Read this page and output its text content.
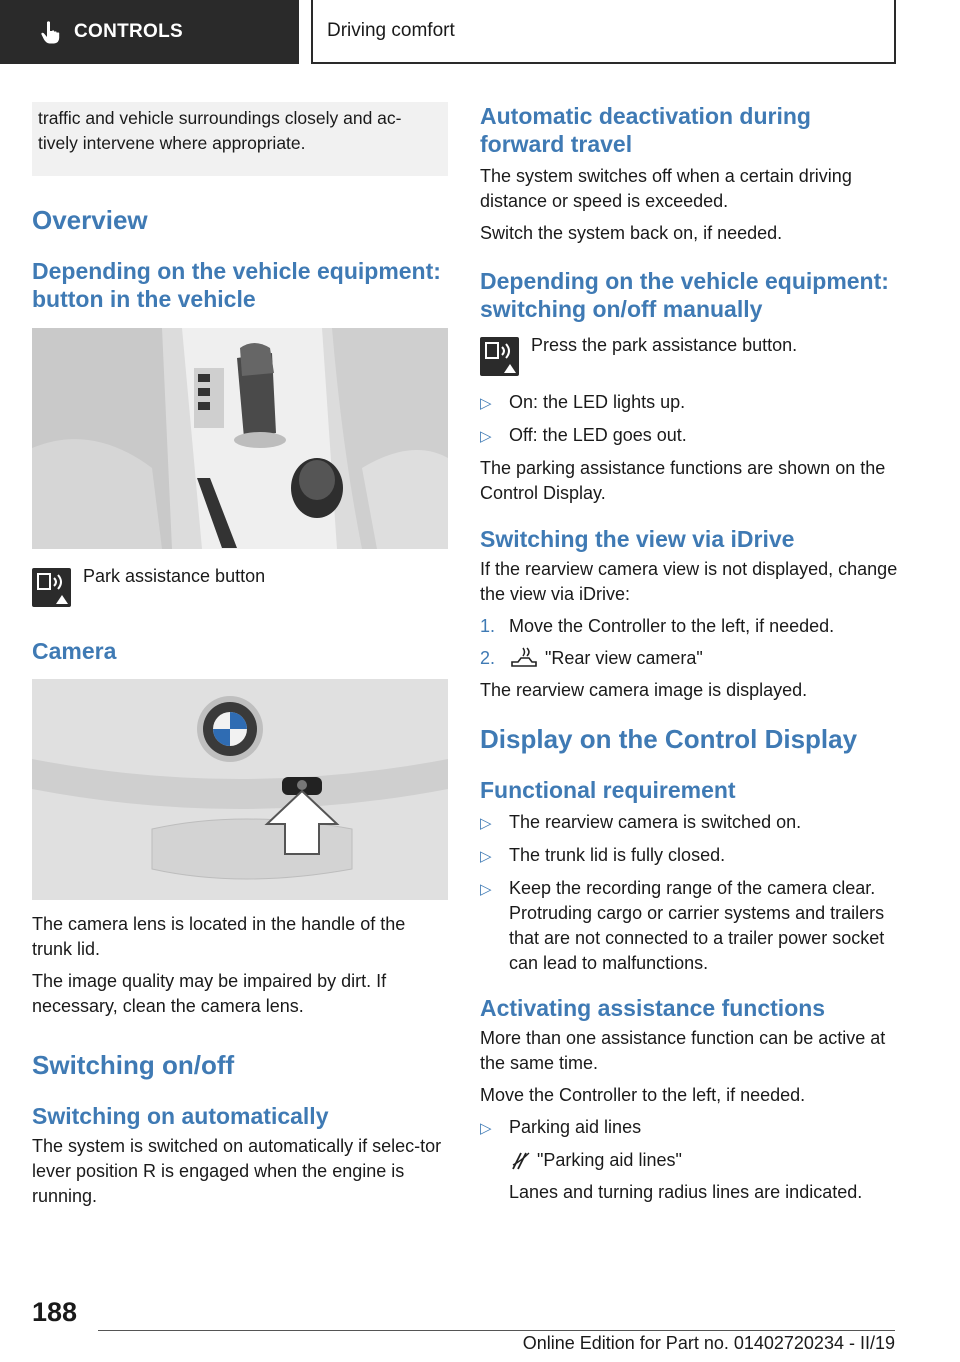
CONTROLS	Driving comfort

traffic and vehicle surroundings closely and ac-tively intervene where appropriate.

Overview
Depending on the vehicle equipment: button in the vehicle

Park assistance button

Camera

The camera lens is located in the handle of the trunk lid.

The image quality may be impaired by dirt. If necessary, clean the camera lens.

Switching on/off
Switching on automatically

The system is switched on automatically if selec-tor lever position R is engaged when the engine is running.

Automatic deactivation during forward travel

The system switches off when a certain driving distance or speed is exceeded.

Switch the system back on, if needed.

Depending on the vehicle equipment: switching on/off manually

Press the park assistance button.

▷ On: the LED lights up.
▷ Off: the LED goes out.

The parking assistance functions are shown on the Control Display.

Switching the view via iDrive

If the rearview camera view is not displayed, change the view via iDrive:

1. Move the Controller to the left, if needed.
2.	"Rear view camera"

The rearview camera image is displayed.

Display on the Control Display
Functional requirement
▷ The rearview camera is switched on.
▷ The trunk lid is fully closed.
▷ Keep the recording range of the camera clear. Protruding cargo or carrier systems and trailers that are not connected to a trailer power socket can lead to malfunctions.
Activating assistance functions

More than one assistance function can be active at the same time.

Move the Controller to the left, if needed.

▷ Parking aid lines
"Parking aid lines"

Lanes and turning radius lines are indicated.

188
Online Edition for Part no. 01402720234 - II/19
